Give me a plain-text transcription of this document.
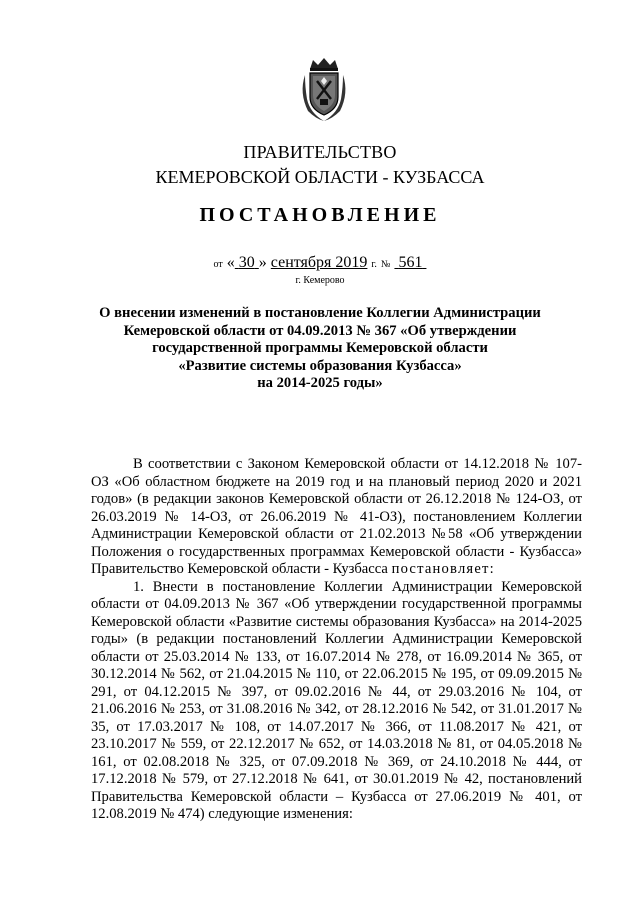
ПРАВИТЕЛЬСТВО
КЕМЕРОВСКОЙ ОБЛАСТИ - КУЗБАССА
ПОСТАНОВЛЕНИЕ
от « 30 » сентября 2019 г. № 561
г. Кемерово
О внесении изменений в постановление Коллегии Администрации
Кемеровской области от 04.09.2013 № 367 «Об утверждении
государственной программы Кемеровской области
«Развитие системы образования Кузбасса»
на 2014-2025 годы»

В соответствии с Законом Кемеровской области от 14.12.2018 № 107-ОЗ «Об областном бюджете на 2019 год и на плановый период 2020 и 2021 годов» (в редакции законов Кемеровской области от 26.12.2018 № 124-ОЗ, от 26.03.2019 № 14-ОЗ, от 26.06.2019 № 41-ОЗ), постановлением Коллегии Администрации Кемеровской области от 21.02.2013 №58 «Об утверждении Положения о государственных программах Кемеровской области - Кузбасса» Правительство Кемеровской области - Кузбасса постановляет:

1. Внести в постановление Коллегии Администрации Кемеровской области от 04.09.2013 № 367 «Об утверждении государственной программы Кемеровской области «Развитие системы образования Кузбасса» на 2014-2025 годы» (в редакции постановлений Коллегии Администрации Кемеровской области от 25.03.2014 № 133, от 16.07.2014 № 278, от 16.09.2014 № 365, от 30.12.2014 № 562, от 21.04.2015 № 110, от 22.06.2015 № 195, от 09.09.2015 № 291, от 04.12.2015 № 397, от 09.02.2016 № 44, от 29.03.2016 № 104, от 21.06.2016 № 253, от 31.08.2016 № 342, от 28.12.2016 № 542, от 31.01.2017 № 35, от 17.03.2017 № 108, от 14.07.2017 № 366, от 11.08.2017 № 421, от 23.10.2017 № 559, от 22.12.2017 № 652, от 14.03.2018 № 81, от 04.05.2018 № 161, от 02.08.2018 № 325, от 07.09.2018 № 369, от 24.10.2018 № 444, от 17.12.2018 № 579, от 27.12.2018 № 641, от 30.01.2019 № 42, постановлений Правительства Кемеровской области – Кузбасса от 27.06.2019 № 401, от 12.08.2019 № 474) следующие изменения:
